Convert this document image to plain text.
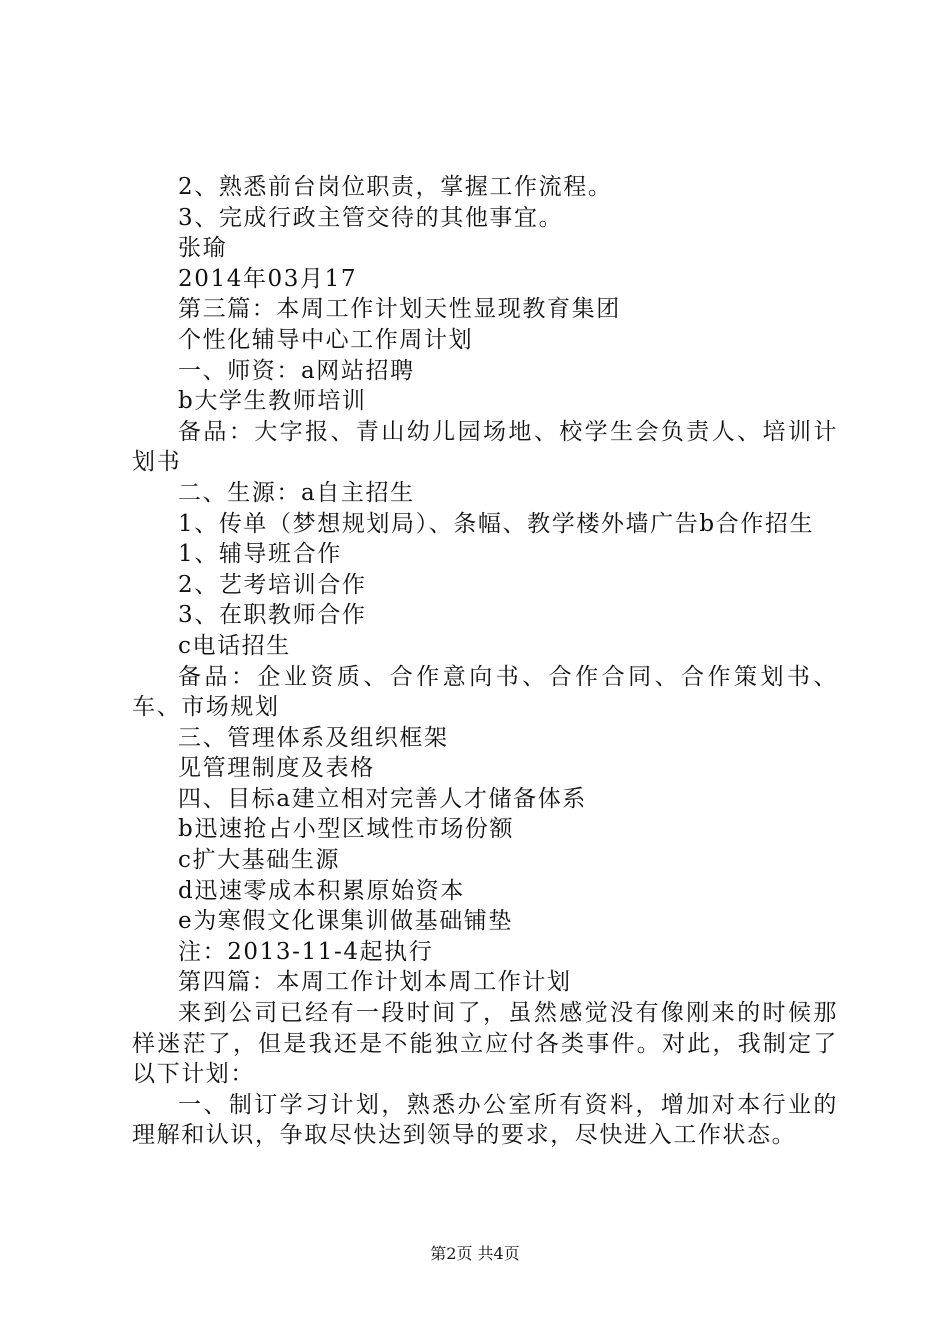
2、熟悉前台岗位职责，掌握工作流程。

3、完成行政主管交待的其他事宜。

张瑜

2014年03月17

第三篇：本周工作计划天性显现教育集团

个性化辅导中心工作周计划

一、师资：a网站招聘

b大学生教师培训

备品：大字报、青山幼儿园场地、校学生会负责人、培训计划书

二、生源：a自主招生

1、传单（梦想规划局）、条幅、教学楼外墙广告b合作招生

1、辅导班合作

2、艺考培训合作

3、在职教师合作

c电话招生

备品：企业资质、合作意向书、合作合同、合作策划书、车、市场规划

三、管理体系及组织框架

见管理制度及表格

四、目标a建立相对完善人才储备体系

b迅速抢占小型区域性市场份额

c扩大基础生源

d迅速零成本积累原始资本

e为寒假文化课集训做基础铺垫

注：2013-11-4起执行

第四篇：本周工作计划本周工作计划

来到公司已经有一段时间了，虽然感觉没有像刚来的时候那样迷茫了，但是我还是不能独立应付各类事件。对此，我制定了以下计划：

一、制订学习计划，熟悉办公室所有资料，增加对本行业的理解和认识，争取尽快达到领导的要求，尽快进入工作状态。

第2页 共4页
